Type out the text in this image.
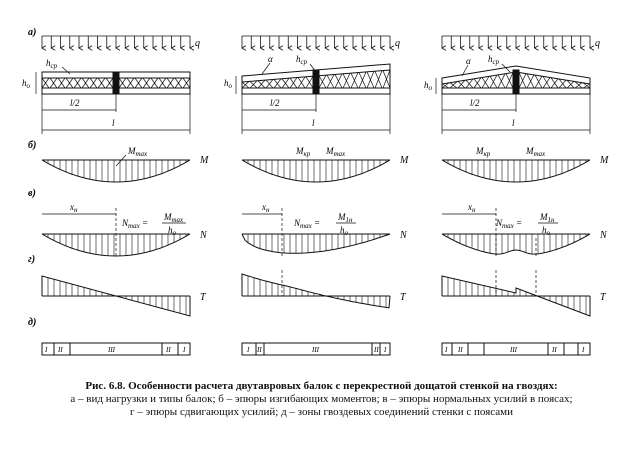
а)
б)
в)
г)
д)
$h_{ср}$
$h_о$
l/2
l
α	$h_{ср}$
$h_о$
l/2
l
α $h_{ср}$
$h_о$
l/2
l
M
$M_{max}$	$M_{кр}$ $M_{max}$	$M_{кр}$	$M_{max}$
M
M
$x_н$	$x_н$	$x_н$
$N_{max}$ =
$M_{max}$
$h_о$
$N_{max}$ =
$M_{1н}$
$h_о$
$N_{max}$ =
$M_{1н}$
$h_о$
N	N	N
T	T	T
I II	III	II I	I II	III	II I	I II	III	II	I
q	q	q
Рис. 6.8. Особенности расчета двутавровых балок с перекрестной дощатой стенкой на гвоздях:
а – вид нагрузки и типы балок; б – эпюры изгибающих моментов; в – эпюры нормальных усилий в поясах;
г – эпюры сдвигающих усилий; д – зоны гвоздевых соединений стенки с поясами
